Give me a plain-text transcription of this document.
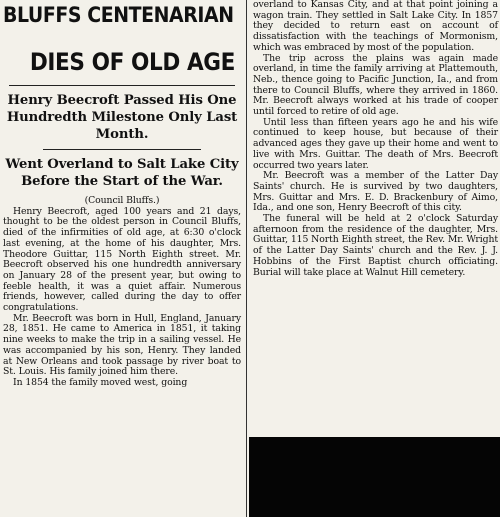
BLUFFS CENTENARIAN
DIES OF OLD AGE
Henry Beecroft Passed His One Hundredth Milestone Only Last Month.
Went Overland to Salt Lake City Before the Start of the War.
(Council Bluffs.)

Henry Beecroft, aged 100 years and 21 days, thought to be the oldest person in Council Bluffs, died of the infirmities of old age, at 6:30 o'clock last evening, at the home of his daughter, Mrs. Theodore Guittar, 115 North Eighth street. Mr. Beecroft observed his one hundredth anniversary on January 28 of the present year, but owing to feeble health, it was a quiet affair. Numerous friends, however, called during the day to offer congratulations.

Mr. Beecroft was born in Hull, England, January 28, 1851. He came to America in 1851, it taking nine weeks to make the trip in a sailing vessel. He was accompanied by his son, Henry. They landed at New Orleans and took passage by river boat to St. Louis. His family joined him there.

In 1854 the family moved west, going

overland to Kansas City, and at that point joining a wagon train. They settled in Salt Lake City. In 1857 they decided to return east on account of dissatisfaction with the teachings of Mormonism, which was embraced by most of the population.

The trip across the plains was again made overland, in time the family arriving at Plattemouth, Neb., thence going to Pacific Junction, Ia., and from there to Council Bluffs, where they arrived in 1860. Mr. Beecroft always worked at his trade of cooper until forced to retire of old age.

Until less than fifteen years ago he and his wife continued to keep house, but because of their advanced ages they gave up their home and went to live with Mrs. Guittar. The death of Mrs. Beecroft occurred two years later.

Mr. Beecroft was a member of the Latter Day Saints' church. He is survived by two daughters, Mrs. Guittar and Mrs. E. D. Brackenbury of Aimo, Ida., and one son, Henry Beecroft of this city.

The funeral will be held at 2 o'clock Saturday afternoon from the residence of the daughter, Mrs. Guittar, 115 North Eighth street, the Rev. Mr. Wright of the Latter Day Saints' church and the Rev. J. J. Hobbins of the First Baptist church officiating. Burial will take place at Walnut Hill cemetery.
